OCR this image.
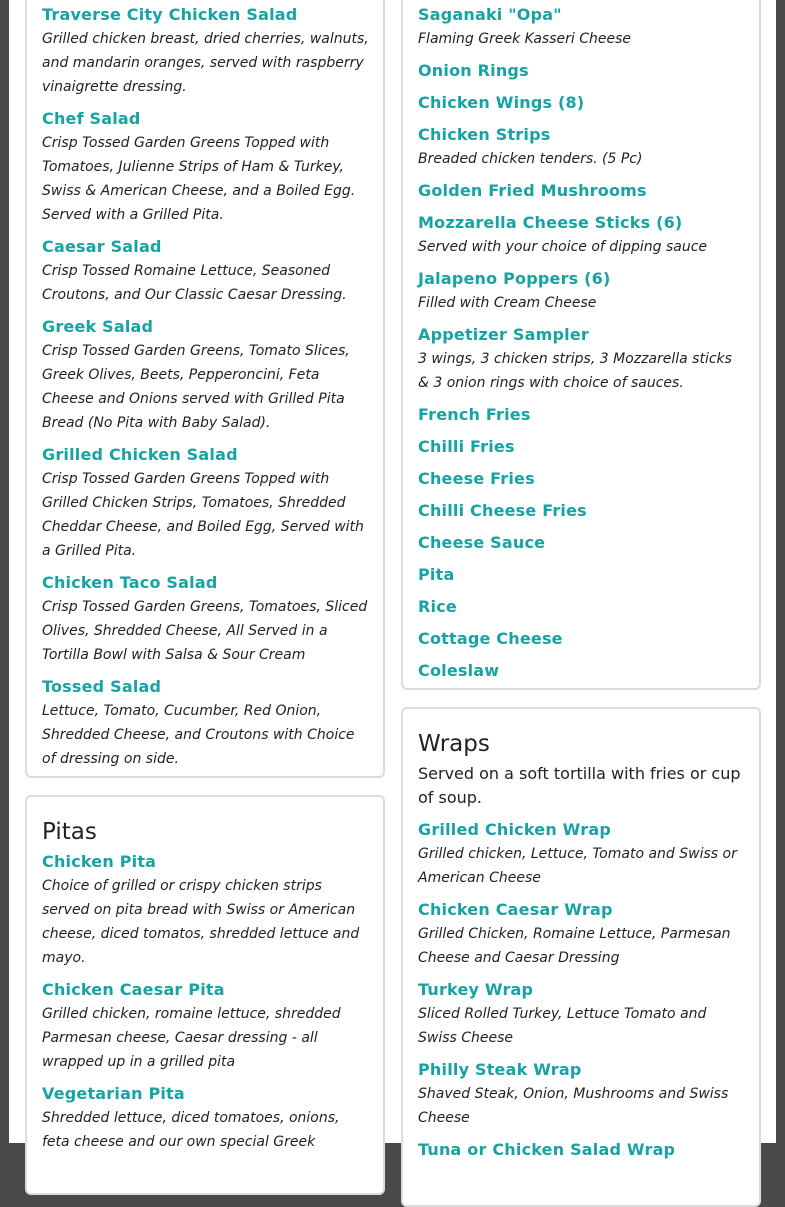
Traverse City Chicken Salad

Grilled chicken breast, dried cherries, walnuts, and mandarin oranges, served with raspberry vinaigrette dressing.

Chef Salad

Crisp Tossed Garden Greens Topped with Tomatoes, Julienne Strips of Ham & Turkey, Swiss & American Cheese, and a Boiled Egg. Served with a Grilled Pita.

Caesar Salad

Crisp Tossed Romaine Lettuce, Seasoned Croutons, and Our Classic Caesar Dressing.

Greek Salad

Crisp Tossed Garden Greens, Tomato Slices, Greek Olives, Beets, Pepperoncini, Feta Cheese and Onions served with Grilled Pita Bread (No Pita with Baby Salad).

Grilled Chicken Salad

Crisp Tossed Garden Greens Topped with Grilled Chicken Strips, Tomatoes, Shredded Cheddar Cheese, and Boiled Egg, Served with a Grilled Pita.

Chicken Taco Salad

Crisp Tossed Garden Greens, Tomatoes, Sliced Olives, Shredded Cheese, All Served in a Tortilla Bowl with Salsa & Sour Cream

Tossed Salad

Lettuce, Tomato, Cucumber, Red Onion, Shredded Cheese, and Croutons with Choice of dressing on side.

Pitas
Chicken Pita

Choice of grilled or crispy chicken strips served on pita bread with Swiss or American cheese, diced tomatos, shredded lettuce and mayo.

Chicken Caesar Pita

Grilled chicken, romaine lettuce, shredded Parmesan cheese, Caesar dressing - all wrapped up in a grilled pita

Vegetarian Pita

Shredded lettuce, diced tomatoes, onions, feta cheese and our own special Greek

Saganaki "Opa"

Flaming Greek Kasseri Cheese

Onion Rings
Chicken Wings (8)
Chicken Strips

Breaded chicken tenders. (5 Pc)

Golden Fried Mushrooms
Mozzarella Cheese Sticks (6)

Served with your choice of dipping sauce

Jalapeno Poppers (6)

Filled with Cream Cheese

Appetizer Sampler

3 wings, 3 chicken strips, 3 Mozzarella sticks & 3 onion rings with choice of sauces.

French Fries
Chilli Fries
Cheese Fries
Chilli Cheese Fries
Cheese Sauce
Pita
Rice
Cottage Cheese
Coleslaw
Wraps

Served on a soft tortilla with fries or cup of soup.

Grilled Chicken Wrap

Grilled chicken, Lettuce, Tomato and Swiss or American Cheese

Chicken Caesar Wrap

Grilled Chicken, Romaine Lettuce, Parmesan Cheese and Caesar Dressing

Turkey Wrap

Sliced Rolled Turkey, Lettuce Tomato and Swiss Cheese

Philly Steak Wrap

Shaved Steak, Onion, Mushrooms and Swiss Cheese

Tuna or Chicken Salad Wrap
